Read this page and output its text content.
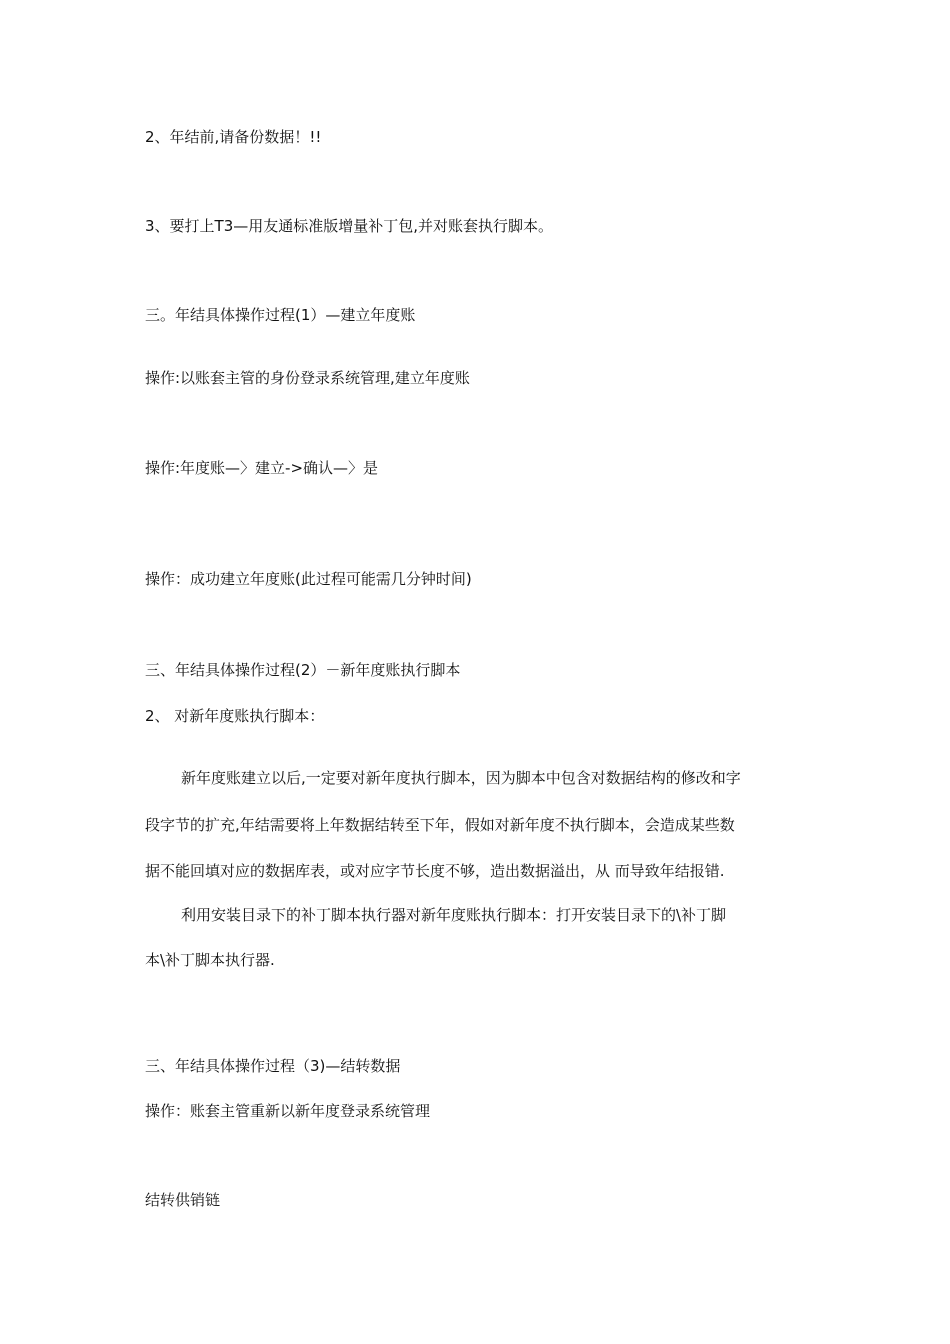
2、年结前,请备份数据！!!
3、要打上T3—用友通标准版增量补丁包,并对账套执行脚本。
三。年结具体操作过程(1）—建立年度账
操作:以账套主管的身份登录系统管理,建立年度账
操作:年度账—〉建立->确认—〉是
操作：成功建立年度账(此过程可能需几分钟时间)
三、年结具体操作过程(2）－新年度账执行脚本
2、 对新年度账执行脚本：
新年度账建立以后,一定要对新年度执行脚本，因为脚本中包含对数据结构的修改和字
段字节的扩充,年结需要将上年数据结转至下年，假如对新年度不执行脚本，会造成某些数
据不能回填对应的数据库表，或对应字节长度不够，造出数据溢出，从 而导致年结报错.
利用安装目录下的补丁脚本执行器对新年度账执行脚本：打开安装目录下的\补丁脚
本\补丁脚本执行器.
三、年结具体操作过程（3)—结转数据
操作：账套主管重新以新年度登录系统管理
结转供销链
